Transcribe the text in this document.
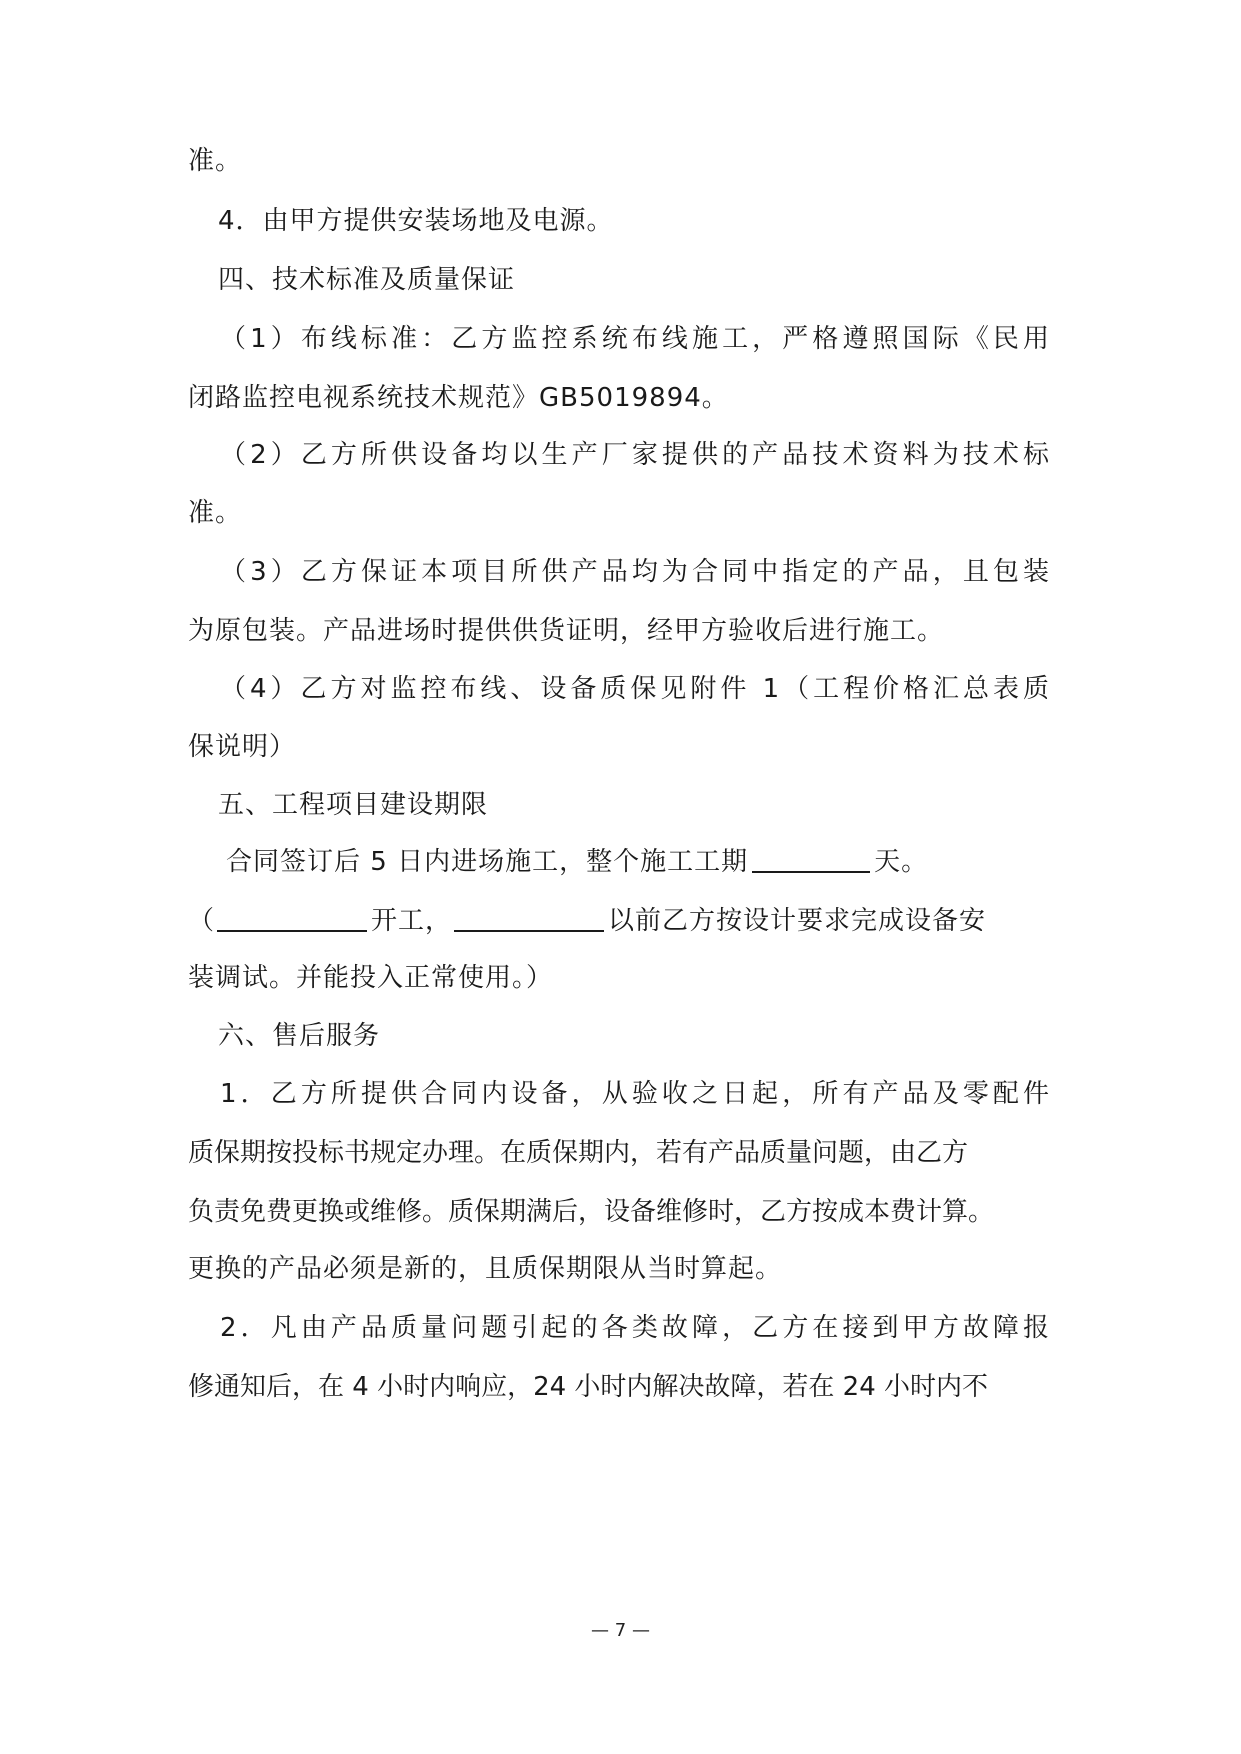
准。
4．由甲方提供安装场地及电源。
四、技术标准及质量保证
（1）布线标准：乙方监控系统布线施工，严格遵照国际《民用
闭路监控电视系统技术规范》GB5019894。
（2）乙方所供设备均以生产厂家提供的产品技术资料为技术标
准。
（3）乙方保证本项目所供产品均为合同中指定的产品，且包装
为原包装。产品进场时提供供货证明，经甲方验收后进行施工。
（4）乙方对监控布线、设备质保见附件 1（工程价格汇总表质
保说明）
五、工程项目建设期限
合同签订后 5 日内进场施工，整个施工工期	天。
（	开工，	以前乙方按设计要求完成设备安
装调试。并能投入正常使用。）
六、售后服务
1．乙方所提供合同内设备，从验收之日起，所有产品及零配件
质保期按投标书规定办理。在质保期内，若有产品质量问题，由乙方
负责免费更换或维修。质保期满后，设备维修时，乙方按成本费计算。
更换的产品必须是新的，且质保期限从当时算起。
2．凡由产品质量问题引起的各类故障，乙方在接到甲方故障报
修通知后，在 4 小时内响应，24 小时内解决故障，若在 24 小时内不
— 7 —
